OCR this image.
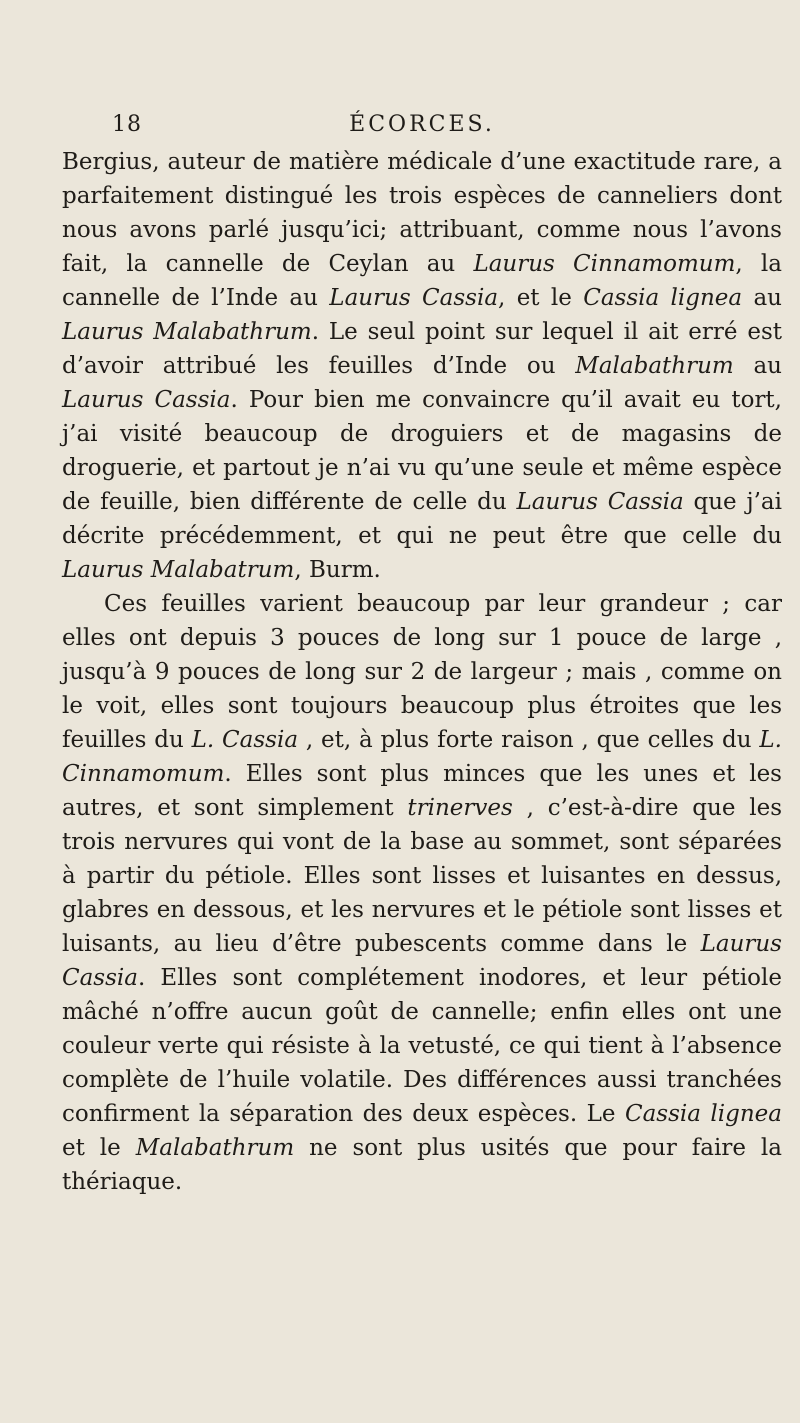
18	ÉCORCES.

Bergius, auteur de matière médicale d’une exactitude rare, a parfaitement distingué les trois espèces de canneliers dont nous avons parlé jusqu’ici; attribuant, comme nous l’avons fait, la cannelle de Ceylan au Laurus Cinnamomum, la cannelle de l’Inde au Laurus Cassia, et le Cassia lignea au Laurus Malabathrum. Le seul point sur lequel il ait erré est d’avoir attribué les feuilles d’Inde ou Malabathrum au Laurus Cassia. Pour bien me convaincre qu’il avait eu tort, j’ai visité beaucoup de droguiers et de magasins de droguerie, et partout je n’ai vu qu’une seule et même espèce de feuille, bien différente de celle du Laurus Cassia que j’ai décrite précédemment, et qui ne peut être que celle du Laurus Malabatrum, Burm.

Ces feuilles varient beaucoup par leur grandeur ; car elles ont depuis 3 pouces de long sur 1 pouce de large , jusqu’à 9 pouces de long sur 2 de largeur ; mais , comme on le voit, elles sont toujours beaucoup plus étroites que les feuilles du L. Cassia , et, à plus forte raison , que celles du L. Cinnamomum. Elles sont plus minces que les unes et les autres, et sont simplement trinerves , c’est-à-dire que les trois nervures qui vont de la base au sommet, sont séparées à partir du pétiole. Elles sont lisses et luisantes en dessus, glabres en dessous, et les nervures et le pétiole sont lisses et luisants, au lieu d’être pubescents comme dans le Laurus Cassia. Elles sont complétement inodores, et leur pétiole mâché n’offre aucun goût de cannelle; enfin elles ont une couleur verte qui résiste à la vetusté, ce qui tient à l’absence complète de l’huile volatile. Des différences aussi tranchées confirment la séparation des deux espèces. Le Cassia lignea et le Malabathrum ne sont plus usités que pour faire la thériaque.
